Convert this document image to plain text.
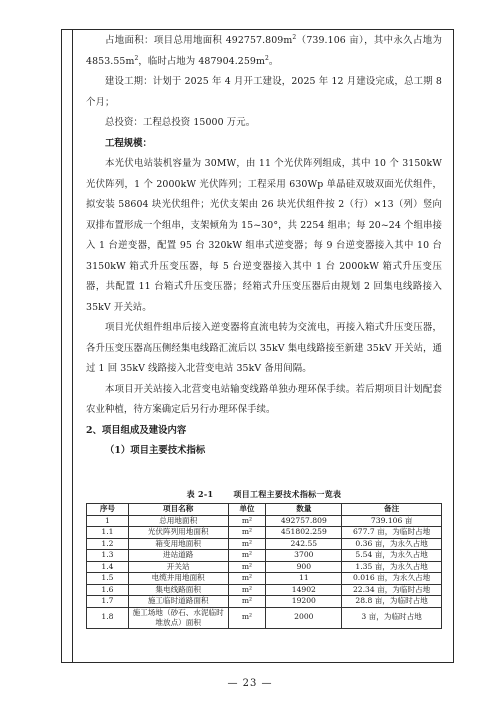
占地面积：项目总用地面积 $492757.809m^2(739.106$ 亩），其中永久占地为 $4853.55m^2$，临时占地为 $487904.259m^2$。

建设工期：计划于 2025 年 4 月开工建设，2025 年 12 月建设完成，总工期 8 个月；

总投资：工程总投资 15000 万元。

工程规模：

本光伏电站装机容量为 30MW，由 11 个光伏阵列组成，其中 10 个 3150kW 光伏阵列，1 个 2000kW 光伏阵列；工程采用 630Wp 单晶硅双玻双面光伏组件，拟安装 58604 块光伏组件；光伏支架由 26 块光伏组件按 2（行）×13（列）竖向双排布置形成一个组串，支架倾角为 15~30°，共 2254 组串；每 20~24 个组串接入 1 台逆变器，配置 95 台 320kW 组串式逆变器；每 9 台逆变器接入其中 10 台 3150kW 箱式升压变压器，每 5 台逆变器接入其中 1 台 2000kW 箱式升压变压器，共配置 11 台箱式升压变压器；经箱式升压变压器后由规划 2 回集电线路接入 35kV 开关站。

项目光伏组件组串后接入逆变器将直流电转为交流电，再接入箱式升压变压器，各升压变压器高压侧经集电线路汇流后以 35kV 集电线路接至新建 35kV 开关站，通过 1 回 35kV 线路接入北营变电站 35kV 备用间隔。

本项目开关站接入北营变电站输变线路单独办理环保手续。若后期项目计划配套农业种植，待方案确定后另行办理环保手续。

2、项目组成及建设内容

（1）项目主要技术指标

表 2-1	项目工程主要技术指标一览表
序号	项目名称	单位	数量	备注
1	总用地面积	m²	492757.809	739.106 亩
1.1	光伏阵列用地面积	m²	451802.259	677.7 亩，为临时占地
1.2	箱变用地面积	m²	242.55	0.36 亩，为永久占地
1.3	进站道路	m²	3700	5.54 亩，为永久占地
1.4	开关站	m²	900	1.35 亩，为永久占地
1.5	电缆井用地面积	m²	11	0.016 亩，为永久占地
1.6	集电线路面积	m²	14902	22.34 亩，为临时占地
1.7	施工临时道路面积	m²	19200	28.8 亩，为临时占地
1.8	施工场地（砂石、水泥临时堆放点）面积	m²	2000	3 亩，为临时占地
— 23 —
